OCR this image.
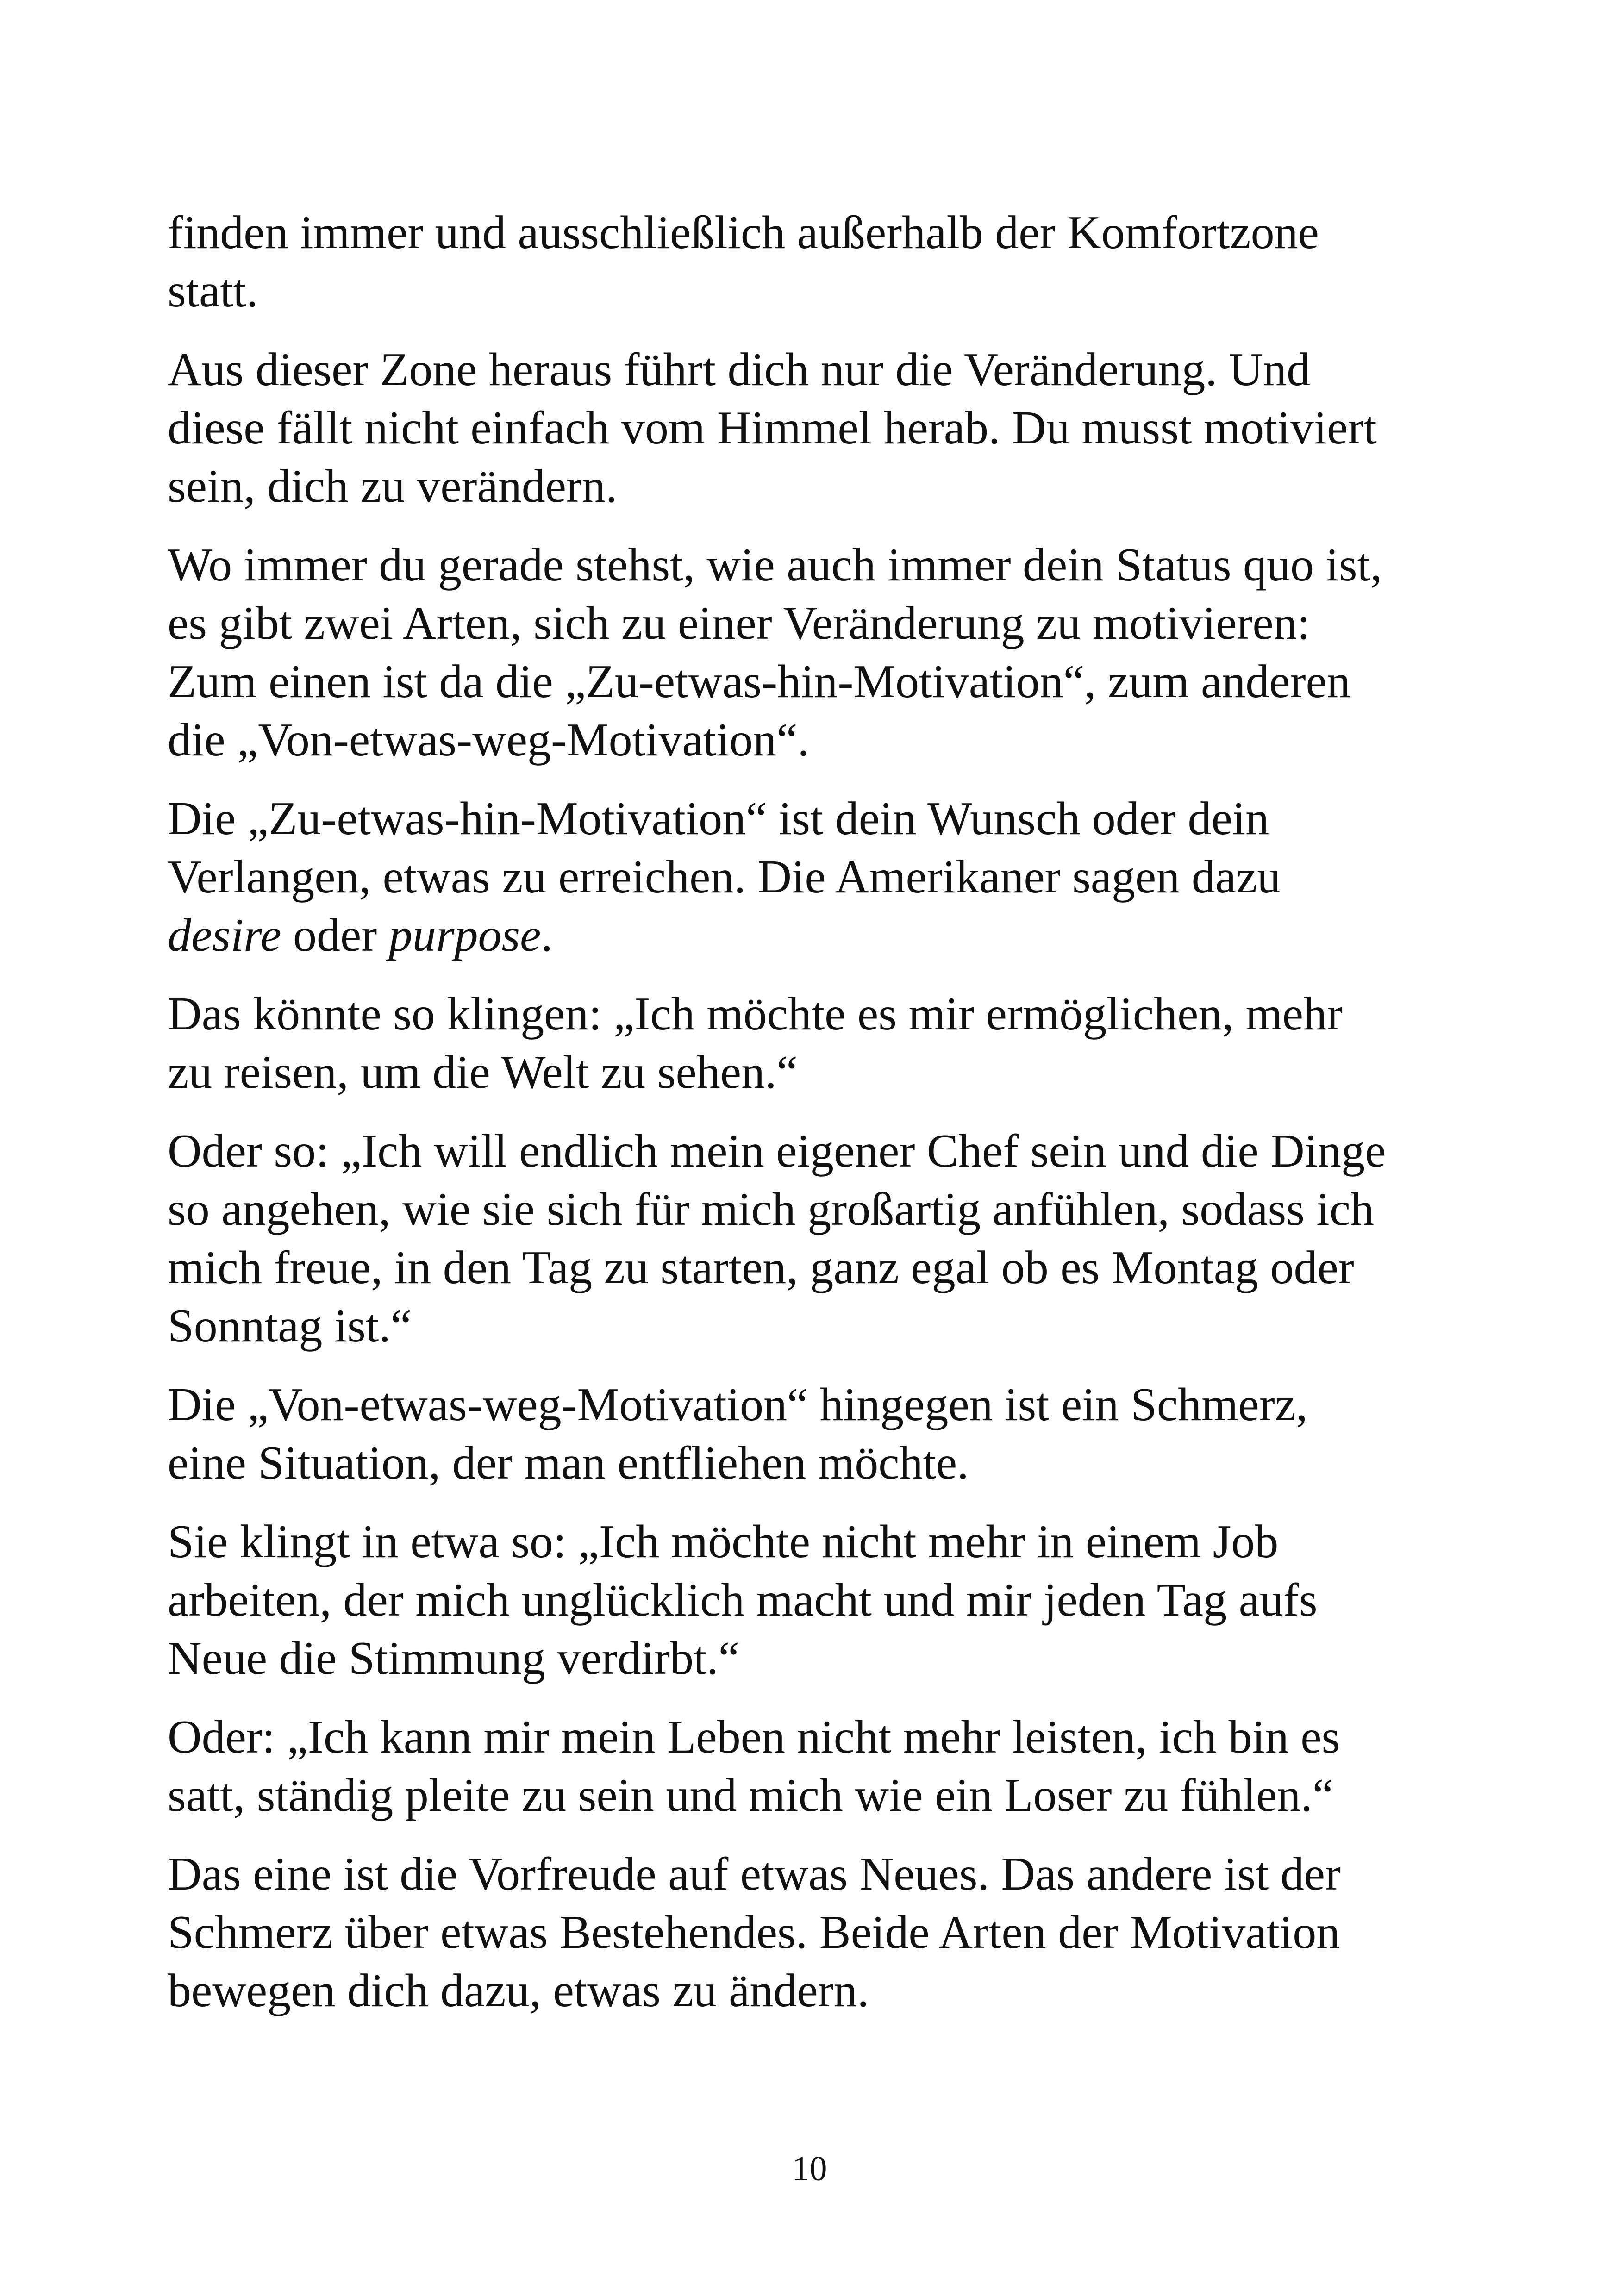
finden immer und ausschließlich außerhalb der Komfortzone
statt.

Aus dieser Zone heraus führt dich nur die Veränderung. Und
diese fällt nicht einfach vom Himmel herab. Du musst motiviert
sein, dich zu verändern.

Wo immer du gerade stehst, wie auch immer dein Status quo ist,
es gibt zwei Arten, sich zu einer Veränderung zu motivieren:
Zum einen ist da die „Zu-etwas-hin-Motivation“, zum anderen
die „Von-etwas-weg-Motivation“.

Die „Zu-etwas-hin-Motivation“ ist dein Wunsch oder dein
Verlangen, etwas zu erreichen. Die Amerikaner sagen dazu
desire oder purpose.

Das könnte so klingen: „Ich möchte es mir ermöglichen, mehr
zu reisen, um die Welt zu sehen.“

Oder so: „Ich will endlich mein eigener Chef sein und die Dinge
so angehen, wie sie sich für mich großartig anfühlen, sodass ich
mich freue, in den Tag zu starten, ganz egal ob es Montag oder
Sonntag ist.“

Die „Von-etwas-weg-Motivation“ hingegen ist ein Schmerz,
eine Situation, der man entfliehen möchte.

Sie klingt in etwa so: „Ich möchte nicht mehr in einem Job
arbeiten, der mich unglücklich macht und mir jeden Tag aufs
Neue die Stimmung verdirbt.“

Oder: „Ich kann mir mein Leben nicht mehr leisten, ich bin es
satt, ständig pleite zu sein und mich wie ein Loser zu fühlen.“

Das eine ist die Vorfreude auf etwas Neues. Das andere ist der
Schmerz über etwas Bestehendes. Beide Arten der Motivation
bewegen dich dazu, etwas zu ändern.

10
